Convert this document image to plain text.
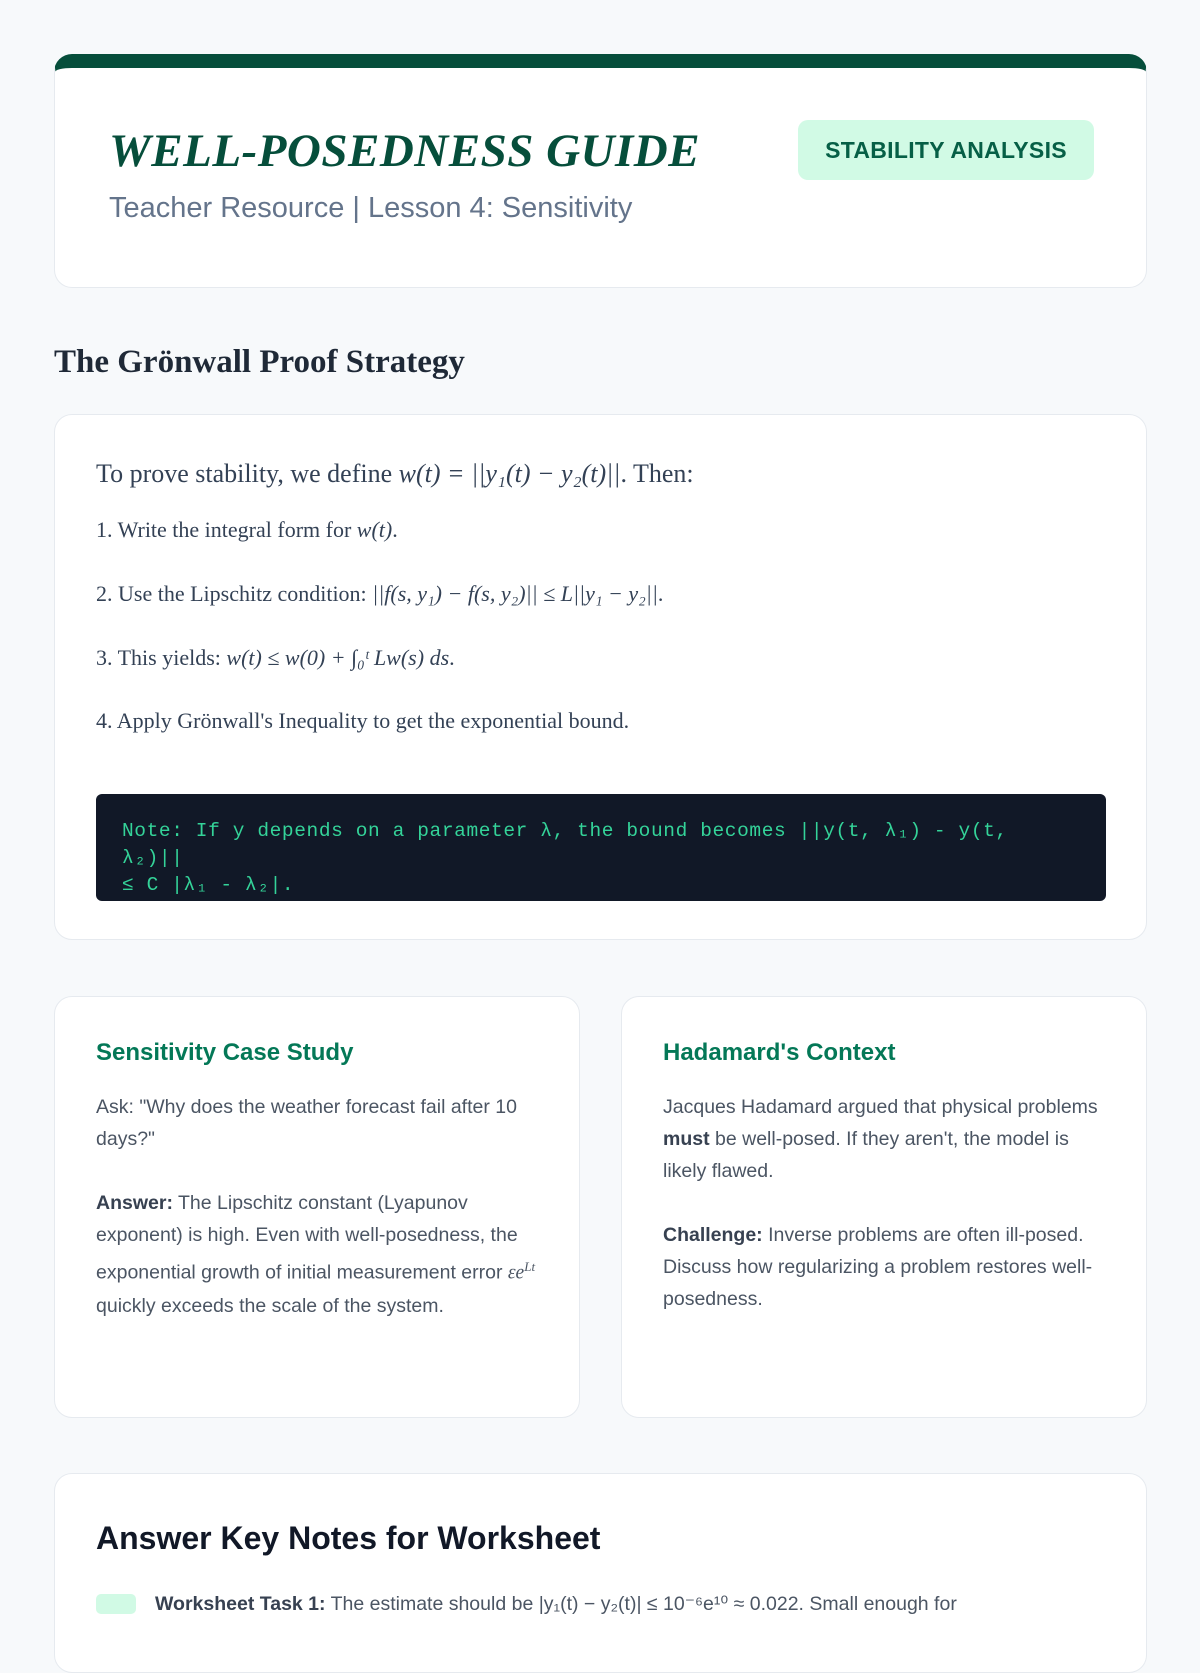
WELL-POSEDNESS GUIDE
Teacher Resource | Lesson 4: Sensitivity
STABILITY ANALYSIS
The Grönwall Proof Strategy
To prove stability, we define w(t) = ||y₁(t) − y₂(t)||. Then:
1. Write the integral form for w(t).
2. Use the Lipschitz condition: ||f(s, y₁) − f(s, y₂)|| ≤ L||y₁ − y₂||.
3. This yields: w(t) ≤ w(0) + ∫₀ᵗ Lw(s) ds.
4. Apply Grönwall's Inequality to get the exponential bound.
Note: If y depends on a parameter λ, the bound becomes ||y(t, λ₁) - y(t, λ₂)||
≤ C |λ₁ - λ₂|.
Sensitivity Case Study
Ask: "Why does the weather forecast fail after 10 days?"
Answer: The Lipschitz constant (Lyapunov exponent) is high. Even with well-posedness, the exponential growth of initial measurement error $\varepsilon e^{Lt}$ quickly exceeds the scale of the system.
Hadamard's Context
Jacques Hadamard argued that physical problems must be well-posed. If they aren't, the model is likely flawed.
Challenge: Inverse problems are often ill-posed. Discuss how regularizing a problem restores well-posedness.
Answer Key Notes for Worksheet
Worksheet Task 1: The estimate should be |y₁(t) − y₂(t)| ≤ 10⁻⁶e¹⁰ ≈ 0.022. Small enough for
